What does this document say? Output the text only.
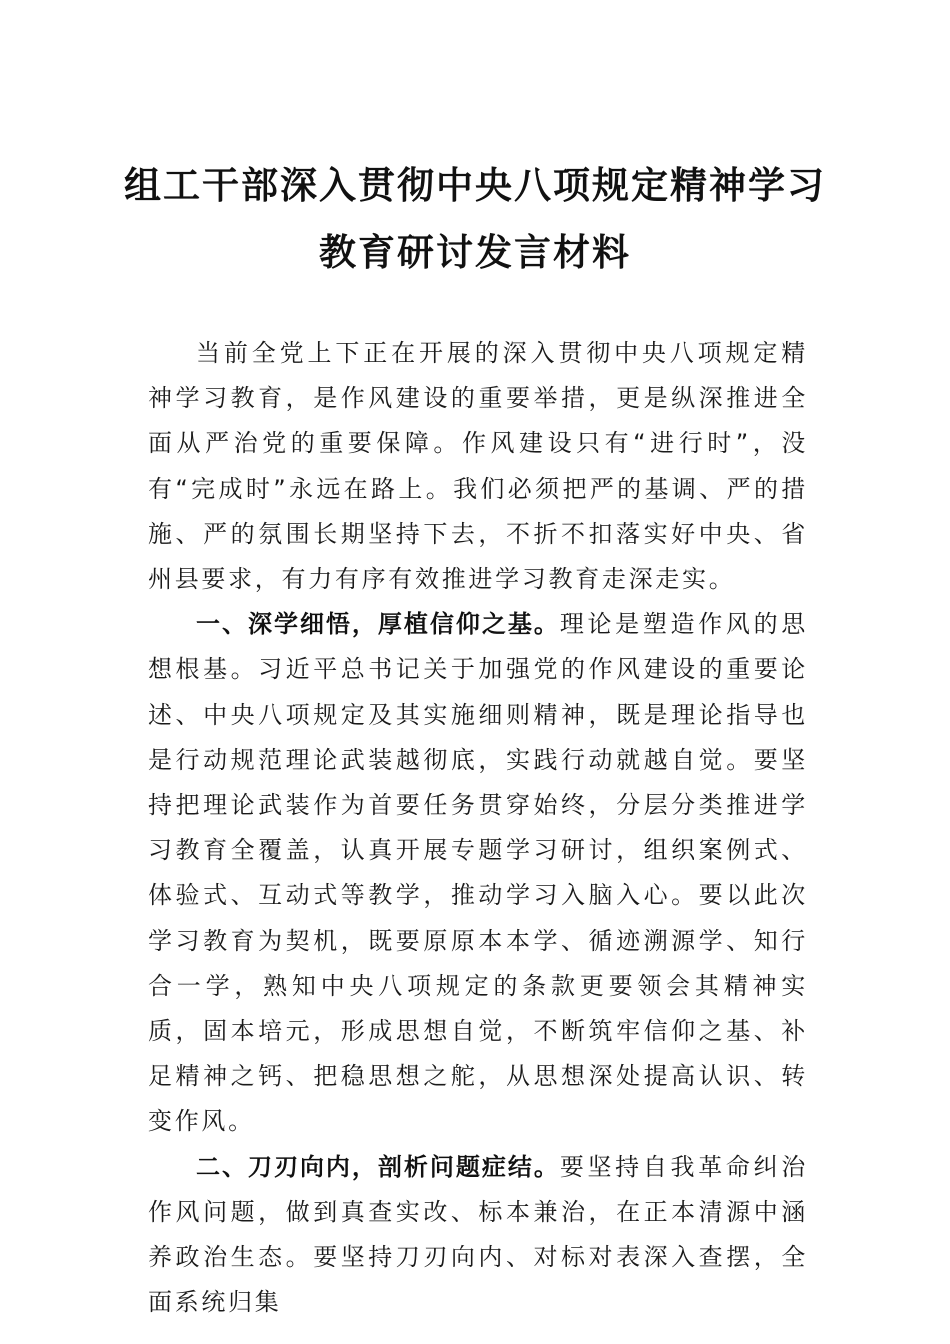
组工干部深入贯彻中央八项规定精神学习
教育研讨发言材料

当前全党上下正在开展的深入贯彻中央八项规定精神学习教育，是作风建设的重要举措，更是纵深推进全面从严治党的重要保障。作风建设只有“进行时”，没有“完成时”永远在路上。我们必须把严的基调、严的措施、严的氛围长期坚持下去，不折不扣落实好中央、省州县要求，有力有序有效推进学习教育走深走实。

一、深学细悟，厚植信仰之基。理论是塑造作风的思想根基。习近平总书记关于加强党的作风建设的重要论述、中央八项规定及其实施细则精神，既是理论指导也是行动规范理论武装越彻底，实践行动就越自觉。要坚持把理论武装作为首要任务贯穿始终，分层分类推进学习教育全覆盖，认真开展专题学习研讨，组织案例式、体验式、互动式等教学，推动学习入脑入心。要以此次学习教育为契机，既要原原本本学、循迹溯源学、知行合一学，熟知中央八项规定的条款更要领会其精神实质，固本培元，形成思想自觉，不断筑牢信仰之基、补足精神之钙、把稳思想之舵，从思想深处提高认识、转变作风。

二、刀刃向内，剖析问题症结。要坚持自我革命纠治作风问题，做到真查实改、标本兼治，在正本清源中涵养政治生态。要坚持刀刃向内、对标对表深入查摆，全面系统归集
